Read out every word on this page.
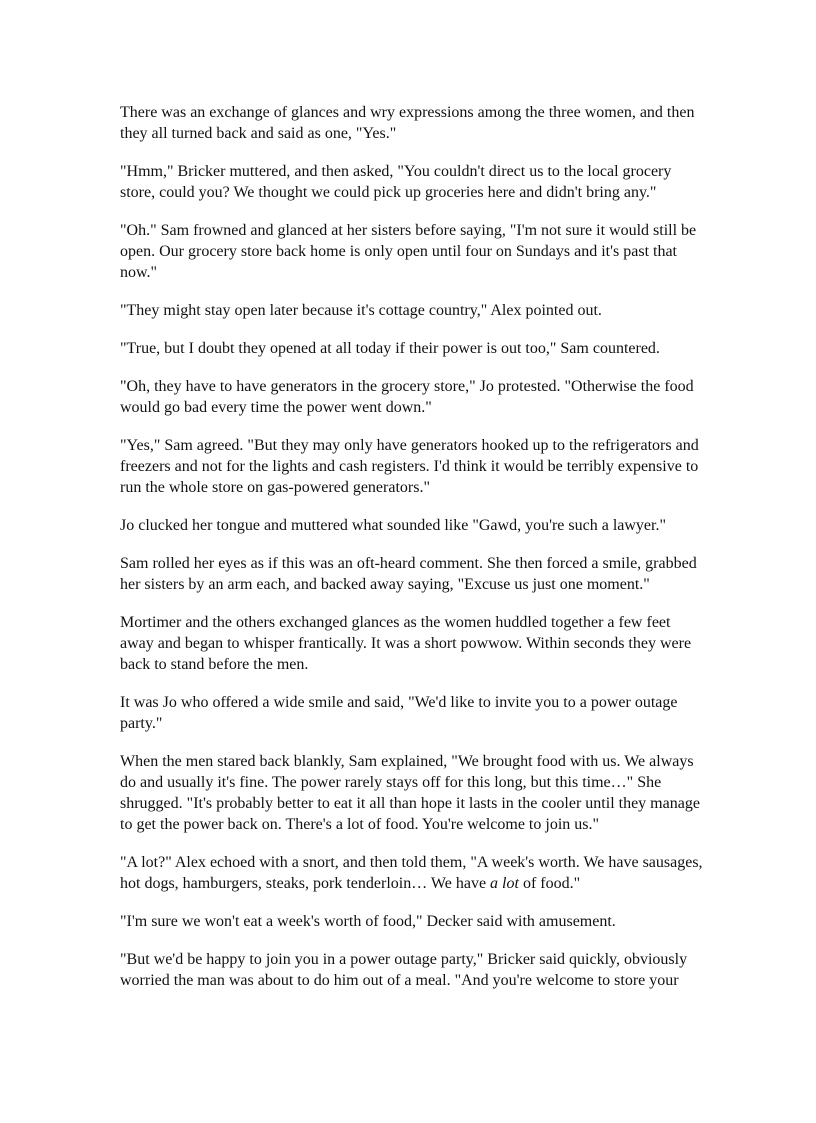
There was an exchange of glances and wry expressions among the three women, and then they all turned back and said as one, "Yes."

"Hmm," Bricker muttered, and then asked, "You couldn't direct us to the local grocery store, could you? We thought we could pick up groceries here and didn't bring any."

"Oh." Sam frowned and glanced at her sisters before saying, "I'm not sure it would still be open. Our grocery store back home is only open until four on Sundays and it's past that now."

"They might stay open later because it's cottage country," Alex pointed out.

"True, but I doubt they opened at all today if their power is out too," Sam countered.

"Oh, they have to have generators in the grocery store," Jo protested. "Otherwise the food would go bad every time the power went down."

"Yes," Sam agreed. "But they may only have generators hooked up to the refrigerators and freezers and not for the lights and cash registers. I'd think it would be terribly expensive to run the whole store on gas-powered generators."

Jo clucked her tongue and muttered what sounded like "Gawd, you're such a lawyer."

Sam rolled her eyes as if this was an oft-heard comment. She then forced a smile, grabbed her sisters by an arm each, and backed away saying, "Excuse us just one moment."

Mortimer and the others exchanged glances as the women huddled together a few feet away and began to whisper frantically. It was a short powwow. Within seconds they were back to stand before the men.

It was Jo who offered a wide smile and said, "We'd like to invite you to a power outage party."

When the men stared back blankly, Sam explained, "We brought food with us. We always do and usually it's fine. The power rarely stays off for this long, but this time…" She shrugged. "It's probably better to eat it all than hope it lasts in the cooler until they manage to get the power back on. There's a lot of food. You're welcome to join us."

"A lot?" Alex echoed with a snort, and then told them, "A week's worth. We have sausages, hot dogs, hamburgers, steaks, pork tenderloin… We have a lot of food."

"I'm sure we won't eat a week's worth of food," Decker said with amusement.

"But we'd be happy to join you in a power outage party," Bricker said quickly, obviously worried the man was about to do him out of a meal. "And you're welcome to store your
